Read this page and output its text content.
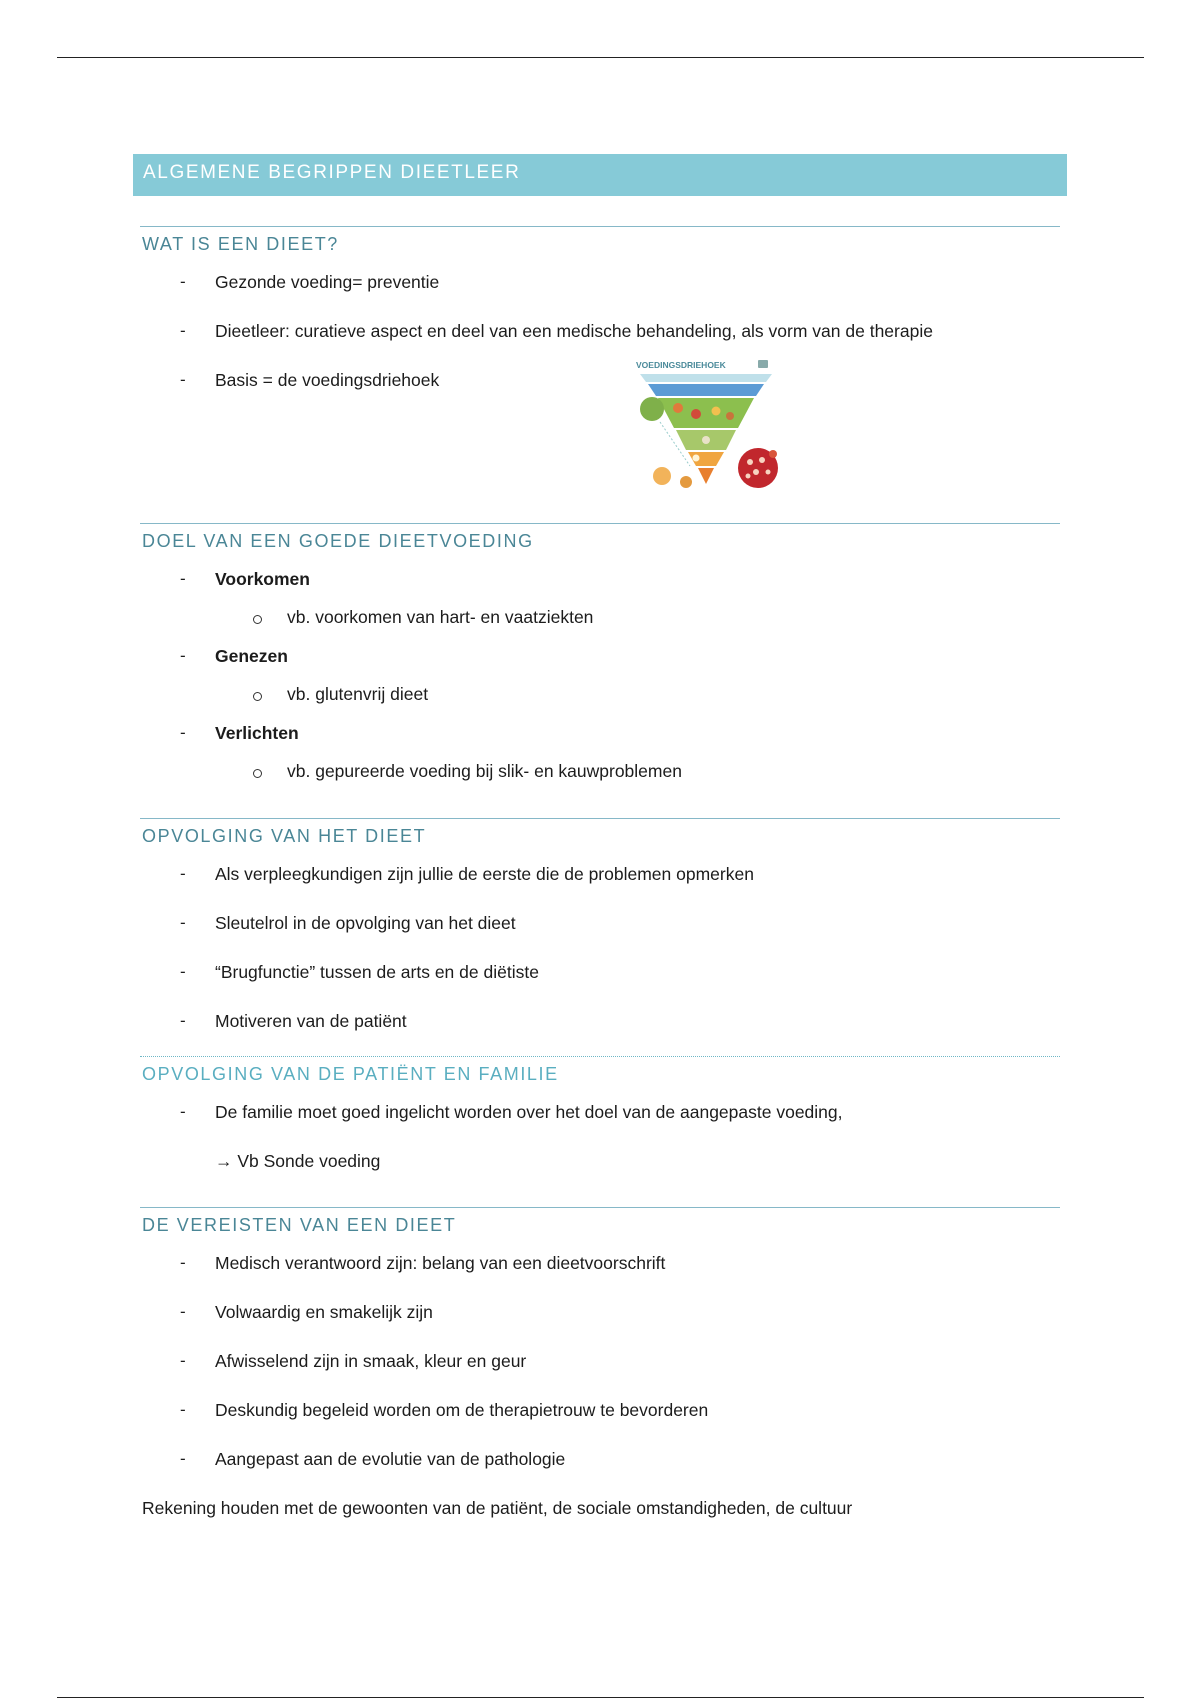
ALGEMENE BEGRIPPEN DIEETLEER
WAT IS EEN DIEET?
- Gezonde voeding= preventie
- Dieetleer: curatieve aspect en deel van een medische behandeling, als vorm van de therapie
- Basis = de voedingsdriehoek
VOEDINGSDRIEHOEK
DOEL VAN EEN GOEDE DIEETVOEDING
- Voorkomen
vb. voorkomen van hart- en vaatziekten
- Genezen
vb. glutenvrij dieet
- Verlichten
vb. gepureerde voeding bij slik- en kauwproblemen
OPVOLGING VAN HET DIEET
- Als verpleegkundigen zijn jullie de eerste die de problemen opmerken
- Sleutelrol in de opvolging van het dieet
- “Brugfunctie” tussen de arts en de diëtiste
- Motiveren van de patiënt
OPVOLGING VAN DE PATIËNT EN FAMILIE
- De familie moet goed ingelicht worden over het doel van de aangepaste voeding,
→ Vb Sonde voeding
DE VEREISTEN VAN EEN DIEET
- Medisch verantwoord zijn: belang van een dieetvoorschrift
- Volwaardig en smakelijk zijn
- Afwisselend zijn in smaak, kleur en geur
- Deskundig begeleid worden om de therapietrouw te bevorderen
- Aangepast aan de evolutie van de pathologie
Rekening houden met de gewoonten van de patiënt, de sociale omstandigheden, de cultuur
